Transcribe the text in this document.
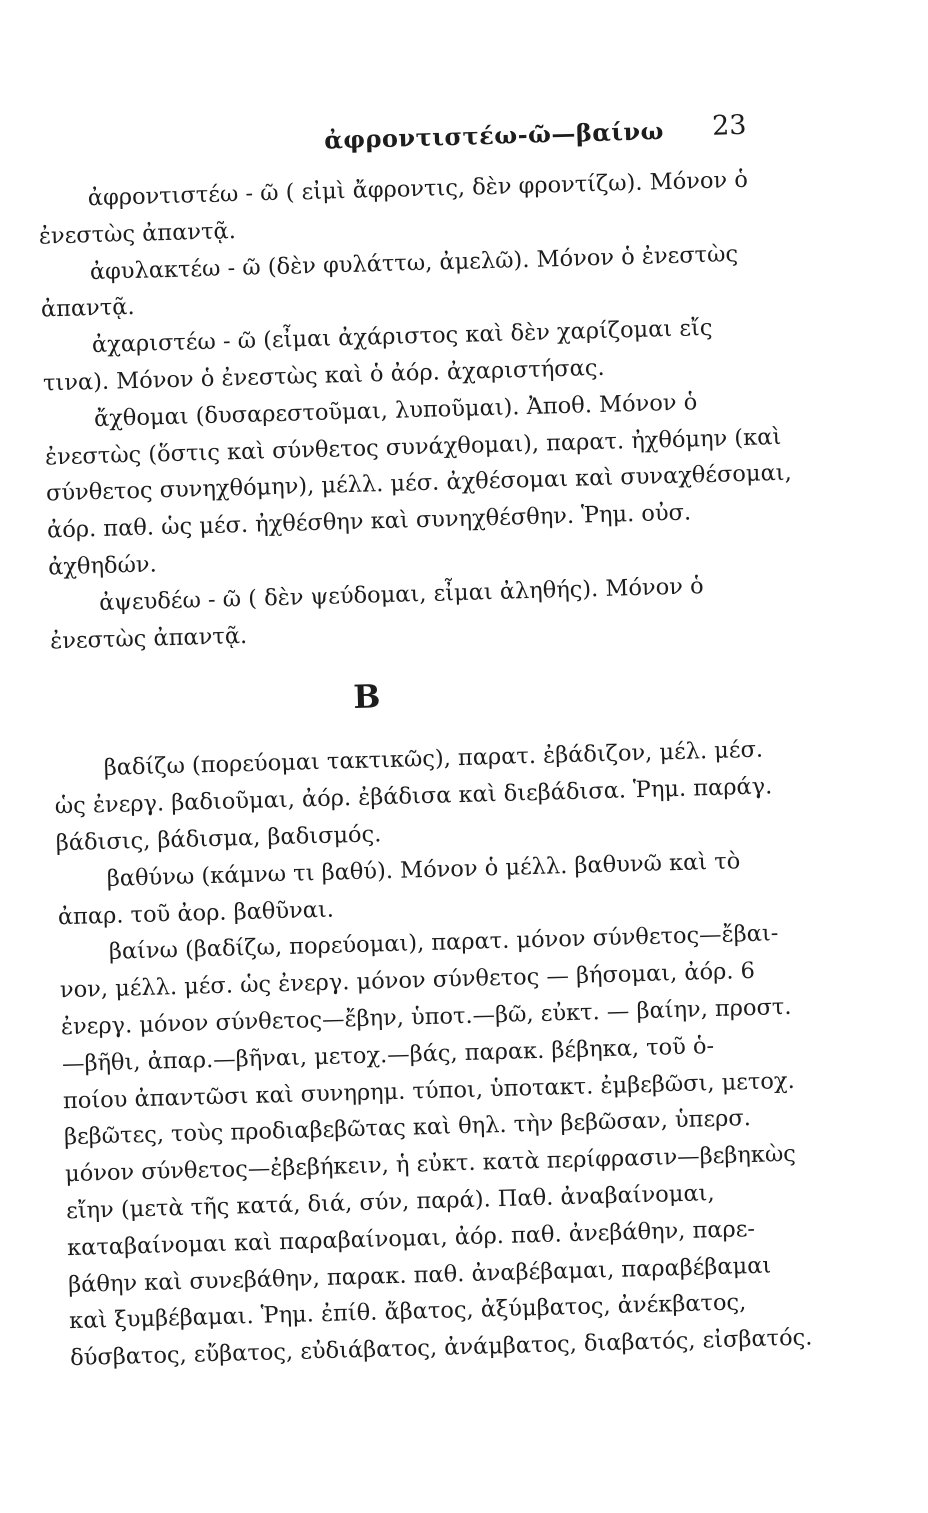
ἀφροντιστέω-ῶ—βαίνω 23
ἀφροντιστέω - ῶ ( εἰμὶ ἄφροντις, δὲν φροντίζω). Μόνον ὁ
ἐνεστὼς ἀπαντᾷ.
ἀφυλακτέω - ῶ (δὲν φυλάττω, ἀμελῶ). Μόνον ὁ ἐνεστὼς
ἀπαντᾷ.
ἀχαριστέω - ῶ (εἶμαι ἀχάριστος καὶ δὲν χαρίζομαι εἴς
τινα). Μόνον ὁ ἐνεστὼς καὶ ὁ ἀόρ. ἀχαριστήσας.
ἄχθομαι (δυσαρεστοῦμαι, λυποῦμαι). Ἀποθ. Μόνον ὁ
ἐνεστὼς (ὅστις καὶ σύνθετος συνάχθομαι), παρατ. ἠχθόμην (καὶ
σύνθετος συνηχθόμην), μέλλ. μέσ. ἀχθέσομαι καὶ συναχθέσομαι,
ἀόρ. παθ. ὡς μέσ. ἠχθέσθην καὶ συνηχθέσθην. Ῥημ. οὐσ.
ἀχθηδών.
ἀψευδέω - ῶ ( δὲν ψεύδομαι, εἶμαι ἀληθής). Μόνον ὁ
ἐνεστὼς ἀπαντᾷ.
Β
βαδίζω (πορεύομαι τακτικῶς), παρατ. ἐβάδιζον, μέλ. μέσ.
ὡς ἐνεργ. βαδιοῦμαι, ἀόρ. ἐβάδισα καὶ διεβάδισα. Ῥημ. παράγ.
βάδισις, βάδισμα, βαδισμός.
βαθύνω (κάμνω τι βαθύ). Μόνον ὁ μέλλ. βαθυνῶ καὶ τὸ
ἀπαρ. τοῦ ἀορ. βαθῦναι.
βαίνω (βαδίζω, πορεύομαι), παρατ. μόνον σύνθετος—ἔβαι-
νον, μέλλ. μέσ. ὡς ἐνεργ. μόνον σύνθετος — βήσομαι, ἀόρ. 6
ἐνεργ. μόνον σύνθετος—ἔβην, ὑποτ.—βῶ, εὐκτ. — βαίην, προστ.
—βῆθι, ἀπαρ.—βῆναι, μετοχ.—βάς, παρακ. βέβηκα, τοῦ ὁ-
ποίου ἀπαντῶσι καὶ συνηρημ. τύποι, ὑποτακτ. ἐμβεβῶσι, μετοχ.
βεβῶτες, τοὺς προδιαβεβῶτας καὶ θηλ. τὴν βεβῶσαν, ὑπερσ.
μόνον σύνθετος—ἐβεβήκειν, ἡ εὐκτ. κατὰ περίφρασιν—βεβηκὼς
εἴην (μετὰ τῆς κατά, διά, σύν, παρά). Παθ. ἀναβαίνομαι,
καταβαίνομαι καὶ παραβαίνομαι, ἀόρ. παθ. ἀνεβάθην, παρε-
βάθην καὶ συνεβάθην, παρακ. παθ. ἀναβέβαμαι, παραβέβαμαι
καὶ ξυμβέβαμαι. Ῥημ. ἐπίθ. ἄβατος, ἀξύμβατος, ἀνέκβατος,
δύσβατος, εὔβατος, εὐδιάβατος, ἀνάμβατος, διαβατός, εἰσβατός.
